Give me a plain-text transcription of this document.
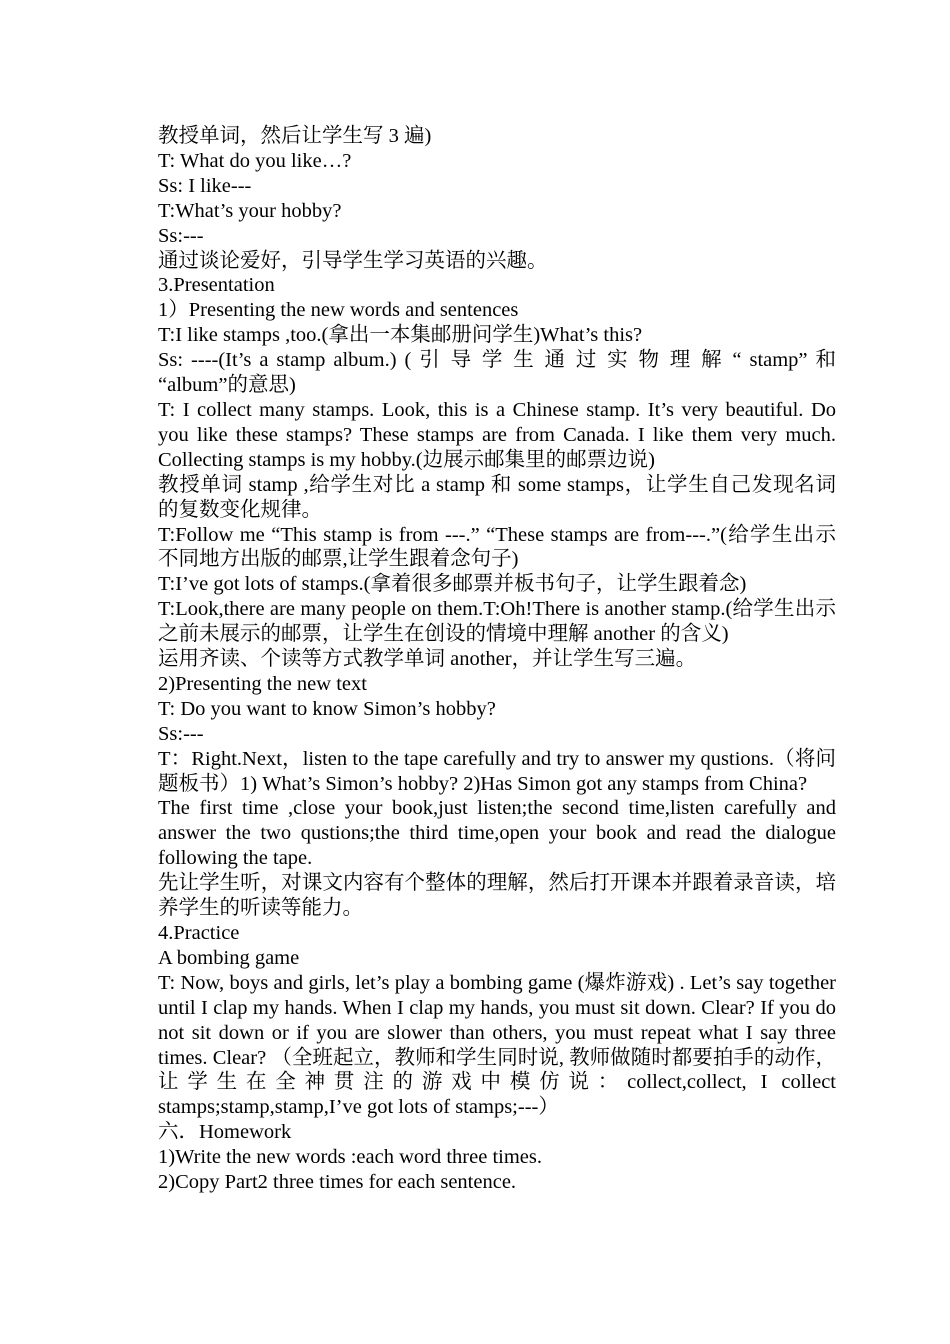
教授单词，然后让学生写 3 遍)

T: What do you like…?

Ss: I like---

T:What’s your hobby?

Ss:---

通过谈论爱好，引导学生学习英语的兴趣。

3.Presentation

1）Presenting the new words and sentences

T:I like stamps ,too.(拿出一本集邮册问学生)What’s this?

Ss: ----(It’s a stamp album.) ( 引 导 学 生 通 过 实 物 理 解 “ stamp” 和 “album”的意思)

T: I collect many stamps. Look, this is a Chinese stamp. It’s very beautiful. Do you like these stamps? These stamps are from Canada. I like them very much. Collecting stamps is my hobby.(边展示邮集里的邮票边说)

教授单词 stamp ,给学生对比 a stamp 和 some stamps，让学生自己发现名词的复数变化规律。

T:Follow me “This stamp is from ---.” “These stamps are from---.”(给学生出示不同地方出版的邮票,让学生跟着念句子)

T:I’ve got lots of stamps.(拿着很多邮票并板书句子，让学生跟着念)

T:Look,there are many people on them.T:Oh!There is another stamp.(给学生出示之前未展示的邮票，让学生在创设的情境中理解 another 的含义)

运用齐读、个读等方式教学单词 another，并让学生写三遍。

2)Presenting the new text

T: Do you want to know Simon’s hobby?

Ss:---

T：Right.Next，listen to the tape carefully and try to answer my qustions.（将问题板书）1) What’s Simon’s hobby? 2)Has Simon got any stamps from China?

The first time ,close your book,just listen;the second time,listen carefully and answer the two qustions;the third time,open your book and read the dialogue following the tape.

先让学生听，对课文内容有个整体的理解，然后打开课本并跟着录音读，培养学生的听读等能力。

4.Practice

A bombing game

T: Now, boys and girls, let’s play a bombing game (爆炸游戏) . Let’s say together until I clap my hands. When I clap my hands, you must sit down. Clear? If you do not sit down or if you are slower than others, you must repeat what I say three times. Clear? （全班起立，教师和学生同时说, 教师做随时都要拍手的动作，让学生在全神贯注的游戏中模仿说：collect,collect, I collect stamps;stamp,stamp,I’ve got lots of stamps;---）

六．Homework

1)Write the new words :each word three times.

2)Copy Part2 three times for each sentence.
